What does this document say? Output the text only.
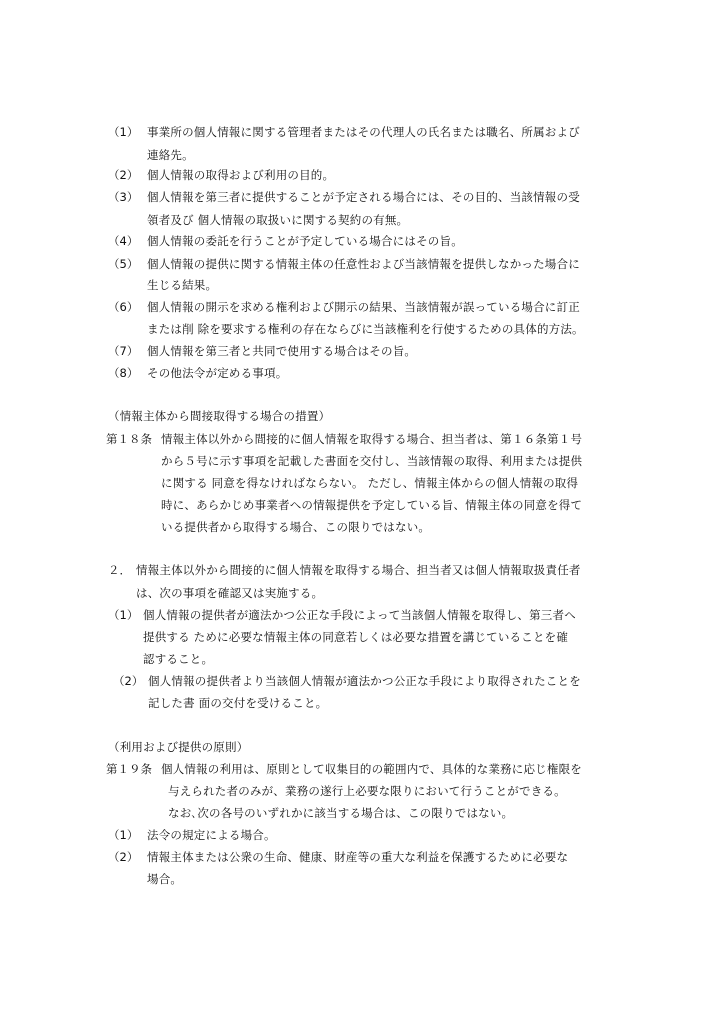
（1） 事業所の個人情報に関する管理者またはその代理人の氏名または職名、所属および
連絡先。
（2） 個人情報の取得および利用の目的。
（3） 個人情報を第三者に提供することが予定される場合には、その目的、当該情報の受
領者及び 個人情報の取扱いに関する契約の有無。
（4） 個人情報の委託を行うことが予定している場合にはその旨。
（5） 個人情報の提供に関する情報主体の任意性および当該情報を提供しなかった場合に
生じる結果。
（6） 個人情報の開示を求める権利および開示の結果、当該情報が誤っている場合に訂正
または削 除を要求する権利の存在ならびに当該権利を行使するための具体的方法。
（7） 個人情報を第三者と共同で使用する場合はその旨。
（8） その他法令が定める事項。
（情報主体から間接取得する場合の措置）
第１８条 情報主体以外から間接的に個人情報を取得する場合、担当者は、第１６条第１号
から５号に示す事項を記載した書面を交付し、当該情報の取得、利用または提供
に関する 同意を得なければならない。 ただし、情報主体からの個人情報の取得
時に、あらかじめ事業者への情報提供を予定している旨、情報主体の同意を得て
いる提供者から取得する場合、この限りではない。
２． 情報主体以外から間接的に個人情報を取得する場合、担当者又は個人情報取扱責任者
は、次の事項を確認又は実施する。
（1） 個人情報の提供者が適法かつ公正な手段によって当該個人情報を取得し、第三者へ
提供する ために必要な情報主体の同意若しくは必要な措置を講じていることを確
認すること。
（2） 個人情報の提供者より当該個人情報が適法かつ公正な手段により取得されたことを
記した書 面の交付を受けること。
（利用および提供の原則）
第１９条 個人情報の利用は、原則として収集目的の範囲内で、具体的な業務に応じ権限を
与えられた者のみが、業務の遂行上必要な限りにおいて行うことができる。
なお､次の各号のいずれかに該当する場合は、この限りではない。
（1） 法令の規定による場合。
（2） 情報主体または公衆の生命、健康、財産等の重大な利益を保護するために必要な
場合。
